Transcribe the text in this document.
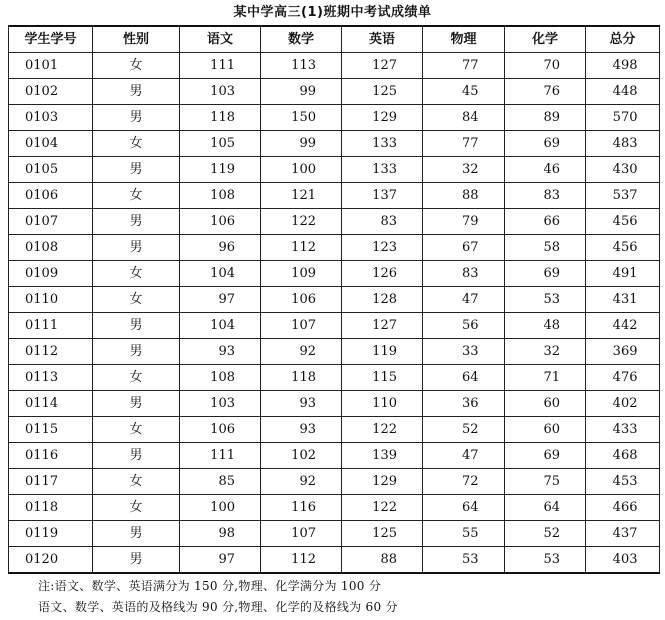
某中学高三(1)班期中考试成绩单
学生学号	性别	语文	数学	英语	物理	化学	总分
0101	女	111	113	127	77	70	498
0102	男	103	99	125	45	76	448
0103	男	118	150	129	84	89	570
0104	女	105	99	133	77	69	483
0105	男	119	100	133	32	46	430
0106	女	108	121	137	88	83	537
0107	男	106	122	83	79	66	456
0108	男	96	112	123	67	58	456
0109	女	104	109	126	83	69	491
0110	女	97	106	128	47	53	431
0111	男	104	107	127	56	48	442
0112	男	93	92	119	33	32	369
0113	女	108	118	115	64	71	476
0114	男	103	93	110	36	60	402
0115	女	106	93	122	52	60	433
0116	男	111	102	139	47	69	468
0117	女	85	92	129	72	75	453
0118	女	100	116	122	64	64	466
0119	男	98	107	125	55	52	437
0120	男	97	112	88	53	53	403
注:语文、数学、英语满分为 150 分,物理、化学满分为 100 分
语文、数学、英语的及格线为 90 分,物理、化学的及格线为 60 分
